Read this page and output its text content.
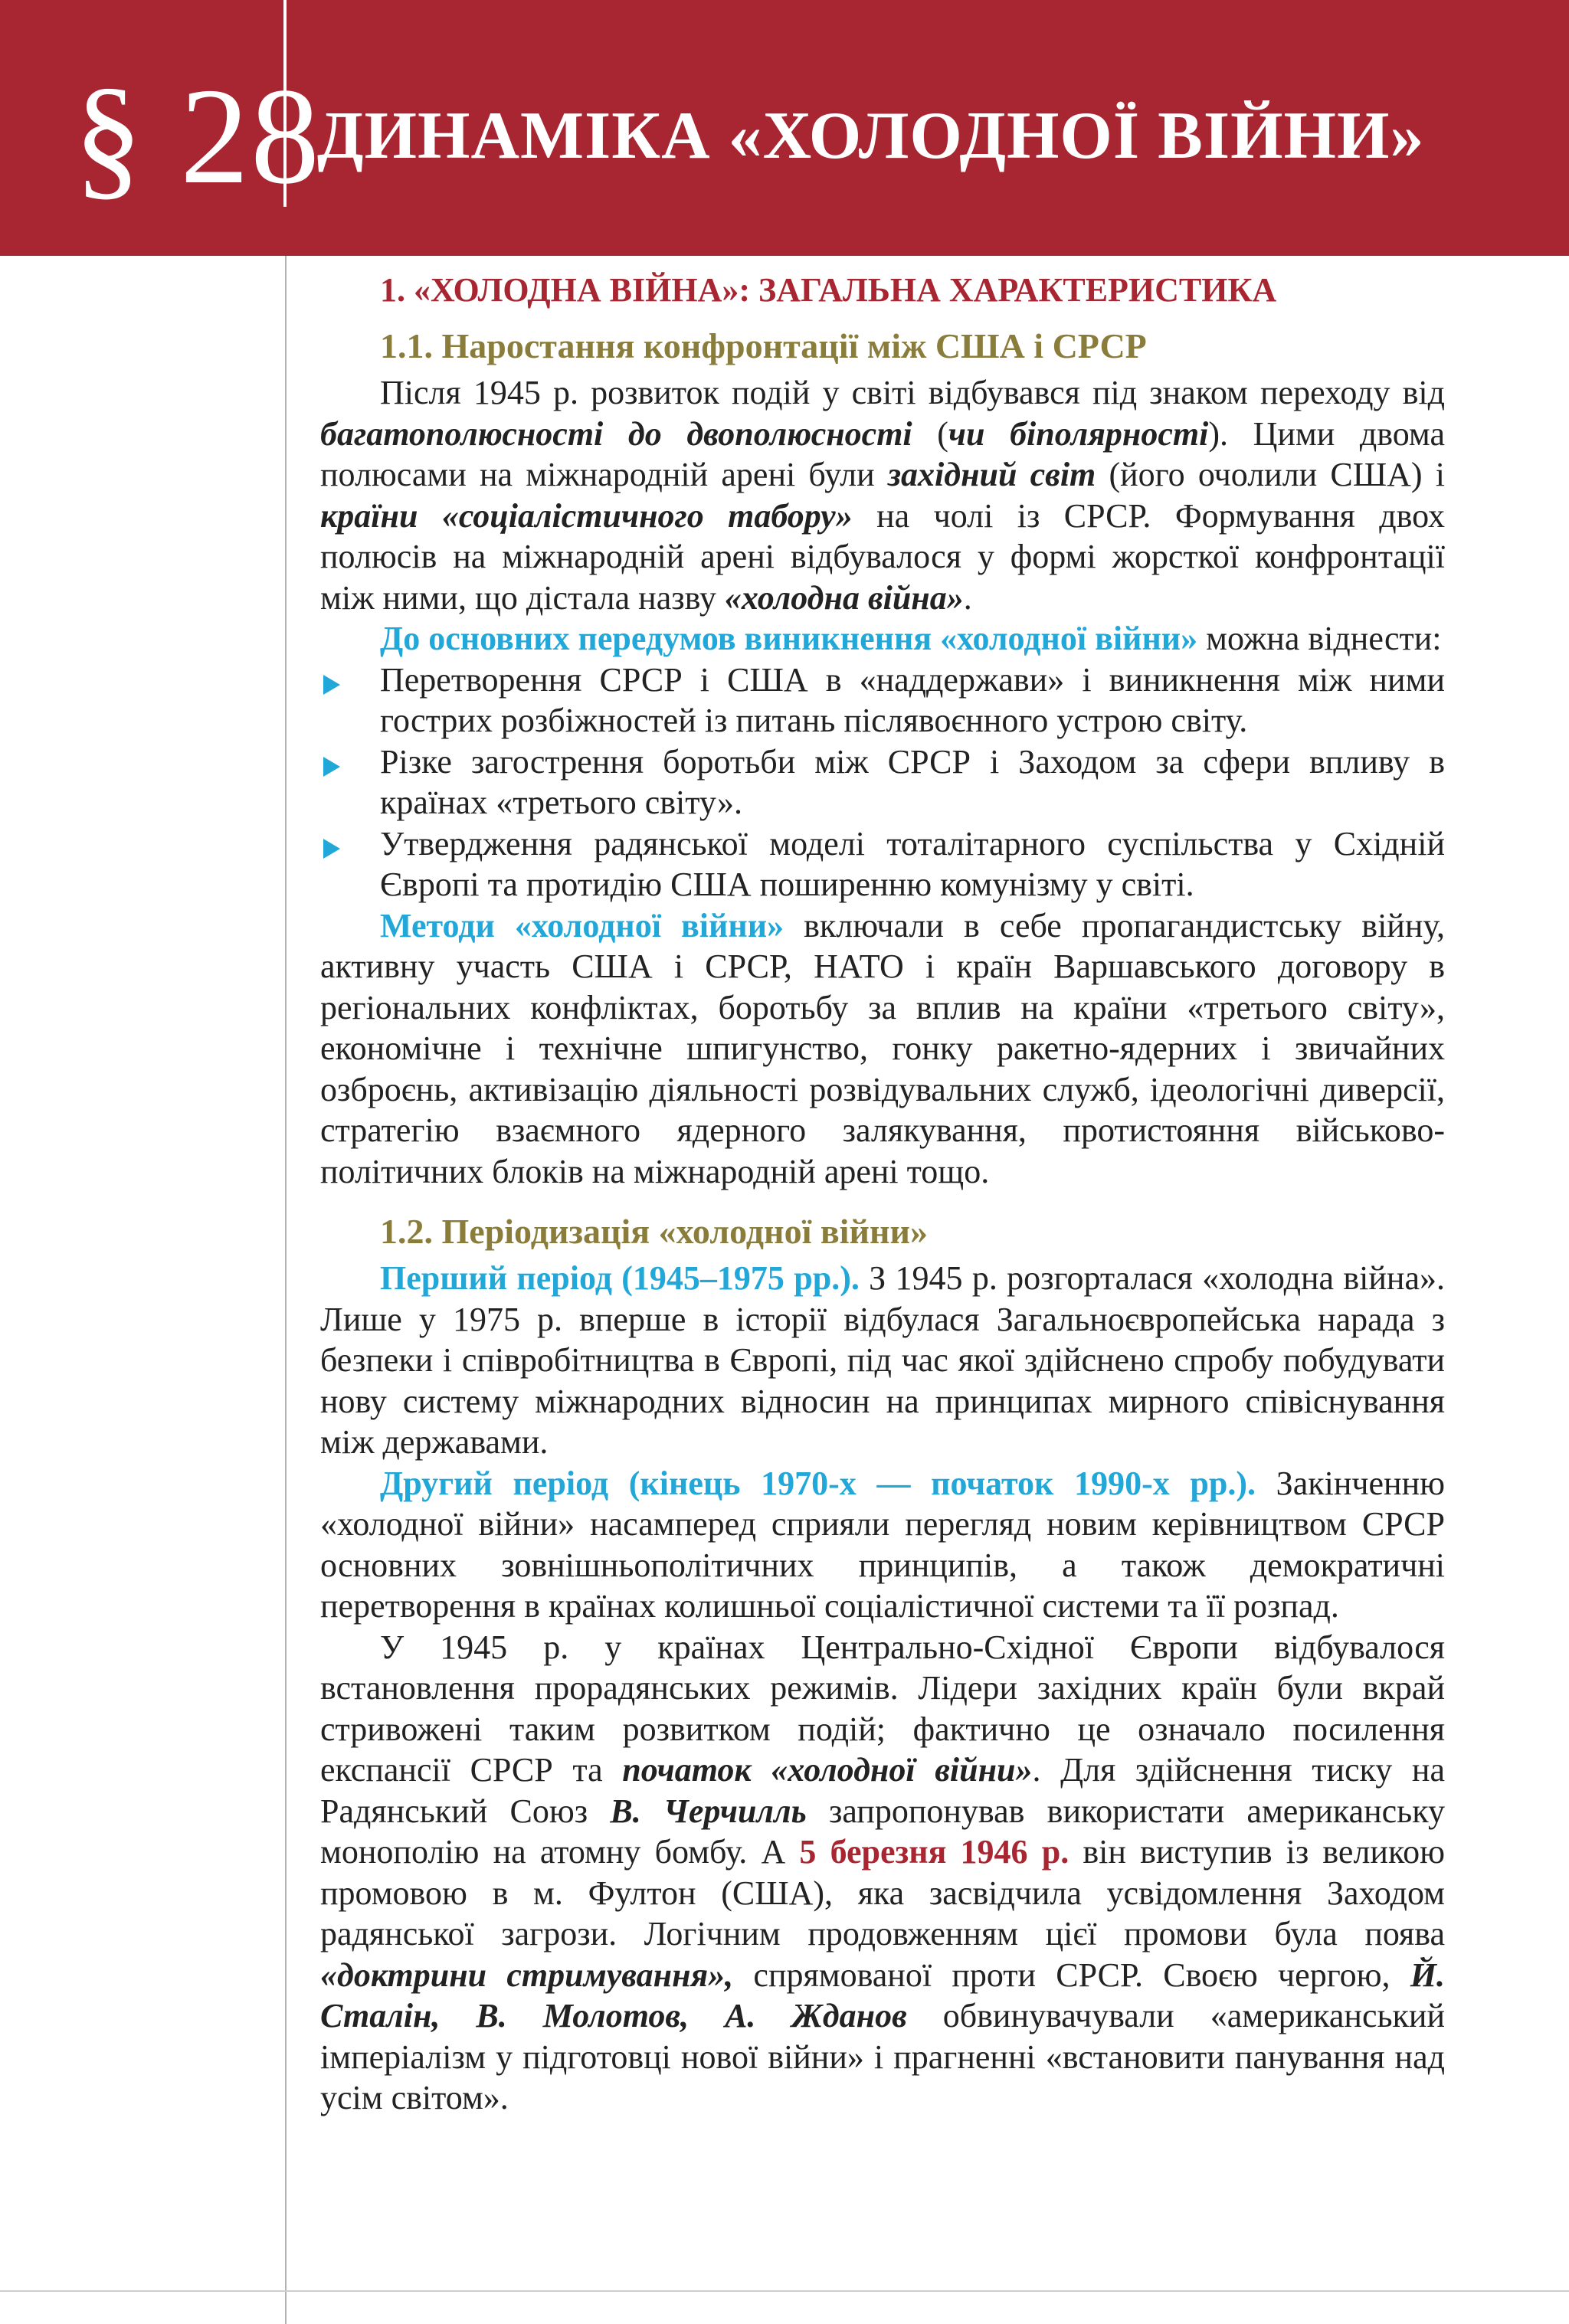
§ 28
ДИНАМІКА «ХОЛОДНОЇ ВІЙНИ»
1. «ХОЛОДНА ВІЙНА»: ЗАГАЛЬНА ХАРАКТЕРИСТИКА
1.1. Наростання конфронтації між США і СРСР

Після 1945 р. розвиток подій у світі відбувався під знаком переходу від багатополюсності до двополюсності (чи біполярності). Цими двома полюсами на міжнародній арені були західний світ (його очолили США) і країни «соціалістичного табору» на чолі із СРСР. Формування двох полюсів на міжнародній арені відбувалося у формі жорсткої конфронтації між ними, що дістала назву «холодна війна».

До основних передумов виникнення «холодної війни» можна віднести:

Перетворення СРСР і США в «наддержави» і виникнення між ними гострих розбіжностей із питань післявоєнного устрою світу.
Різке загострення боротьби між СРСР і Заходом за сфери впливу в країнах «третього світу».
Утвердження радянської моделі тоталітарного суспільства у Східній Європі та протидію США поширенню комунізму у світі.

Методи «холодної війни» включали в себе пропагандистську війну, активну участь США і СРСР, НАТО і країн Варшавського договору в регіональних конфліктах, боротьбу за вплив на країни «третього світу», економічне і технічне шпигунство, гонку ракетно-ядерних і звичайних озброєнь, активізацію діяльності розвідувальних служб, ідеологічні диверсії, стратегію взаємного ядерного залякування, протистояння військово-політичних блоків на міжнародній арені тощо.

1.2. Періодизація «холодної війни»

Перший період (1945–1975 рр.). З 1945 р. розгорталася «холодна війна». Лише у 1975 р. вперше в історії відбулася Загальноєвропейська нарада з безпеки і співробітництва в Європі, під час якої здійснено спробу побудувати нову систему міжнародних відносин на принципах мирного співіснування між державами.

Другий період (кінець 1970-х — початок 1990-х рр.). Закінченню «холодної війни» насамперед сприяли перегляд новим керівництвом СРСР основних зовнішньополітичних принципів, а також демократичні перетворення в країнах колишньої соціалістичної системи та її розпад.

У 1945 р. у країнах Центрально-Східної Європи відбувалося встановлення прорадянських режимів. Лідери західних країн були вкрай стривожені таким розвитком подій; фактично це означало посилення експансії СРСР та початок «холодної війни». Для здійснення тиску на Радянський Союз В. Черчилль запропонував використати американську монополію на атомну бомбу. А 5 березня 1946 р. він виступив із великою промовою в м. Фултон (США), яка засвідчила усвідомлення Заходом радянської загрози. Логічним продовженням цієї промови була поява «доктрини стримування», спрямованої проти СРСР. Своєю чергою, Й. Сталін, В. Молотов, А. Жданов обвинувачували «американський імперіалізм у підготовці нової війни» і прагненні «встановити панування над усім світом».
